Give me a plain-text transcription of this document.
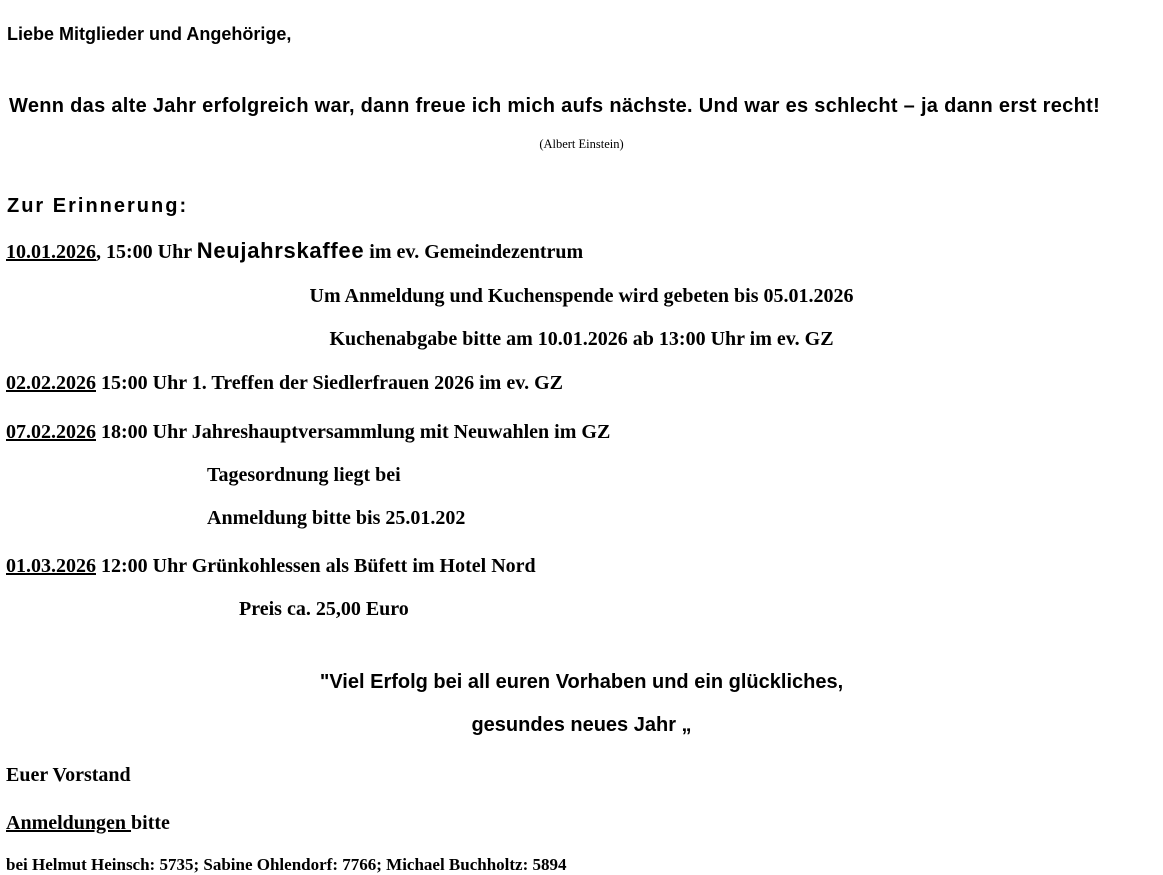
Liebe Mitglieder und Angehörige,

Wenn das alte Jahr erfolgreich war, dann freue ich mich aufs nächste. Und war es schlecht – ja dann erst recht!

(Albert Einstein)

Zur Erinnerung:

10.01.2026, 15:00 Uhr Neujahrskaffee im ev. Gemeindezentrum

Um Anmeldung und Kuchenspende wird gebeten bis 05.01.2026

Kuchenabgabe bitte am 10.01.2026 ab 13:00 Uhr im ev. GZ

02.02.2026 15:00 Uhr 1. Treffen der Siedlerfrauen 2026 im ev. GZ

07.02.2026 18:00 Uhr Jahreshauptversammlung mit Neuwahlen im GZ

Tagesordnung liegt bei

Anmeldung bitte bis 25.01.202

01.03.2026 12:00 Uhr Grünkohlessen als Büfett im Hotel Nord

Preis ca. 25,00 Euro

"Viel Erfolg bei all euren Vorhaben und ein glückliches,

gesundes neues Jahr „

Euer Vorstand

Anmeldungen bitte

bei Helmut Heinsch: 5735; Sabine Ohlendorf: 7766; Michael Buchholtz: 5894
